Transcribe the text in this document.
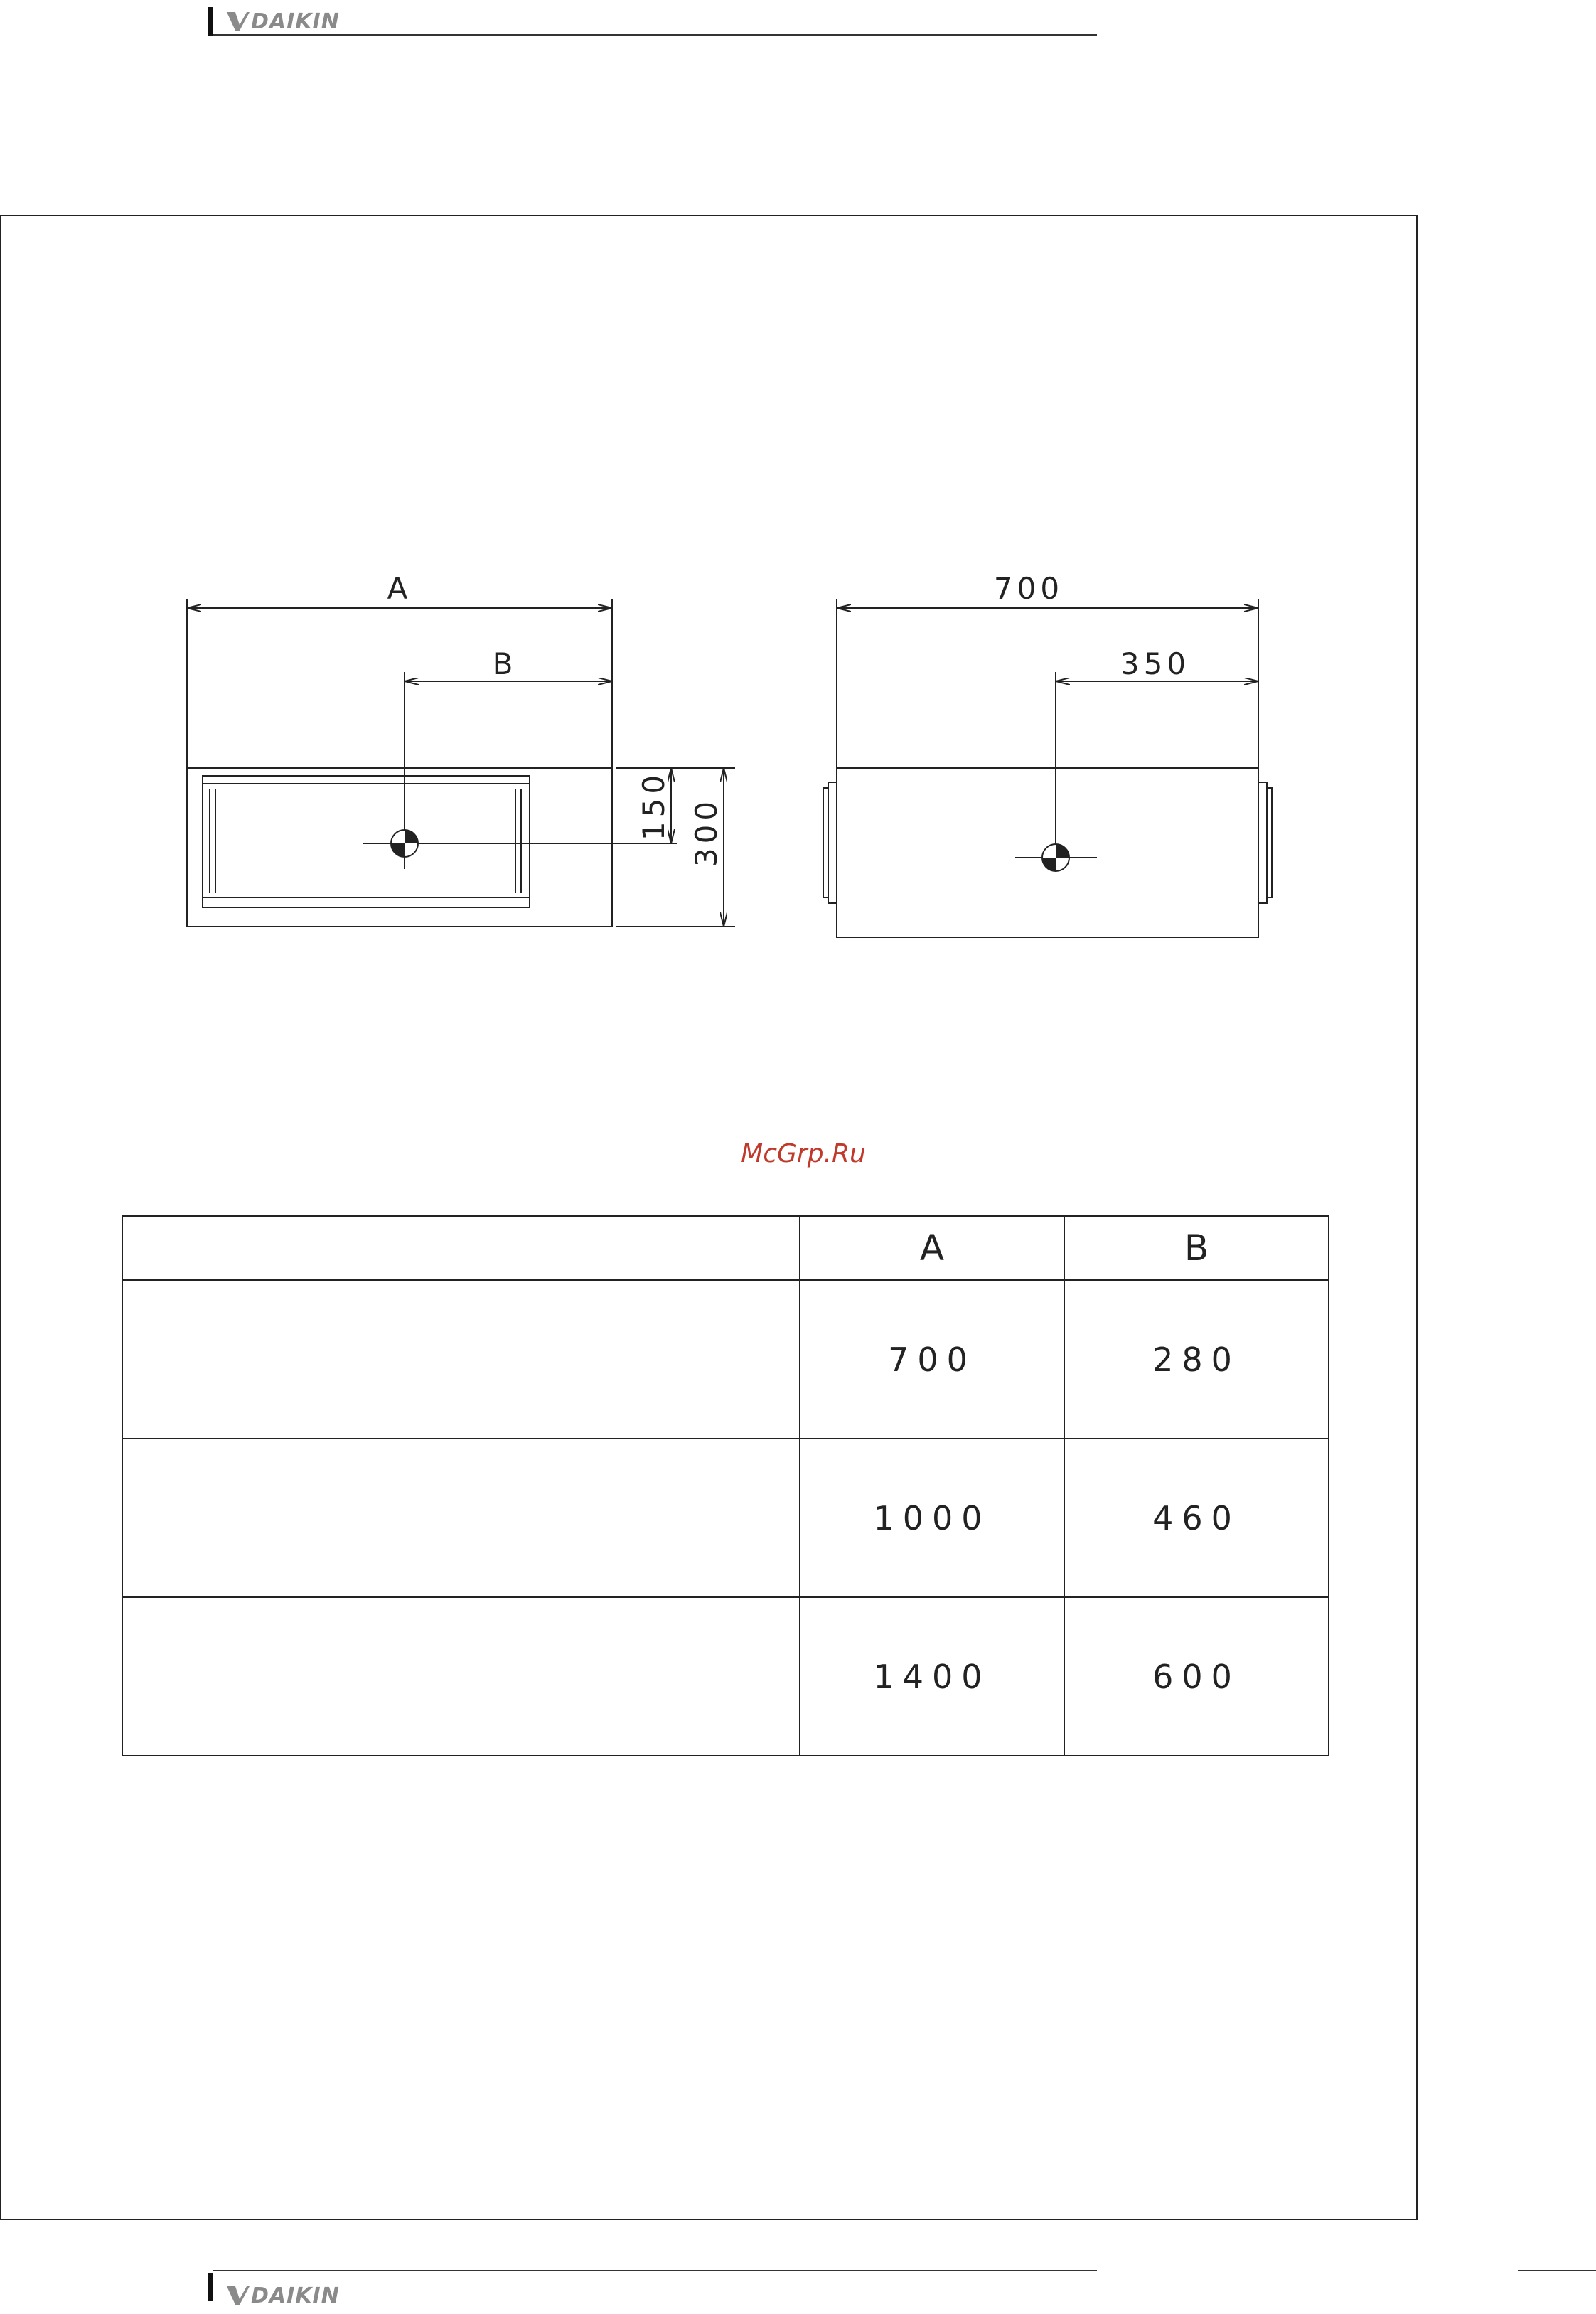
DAIKIN
A
B
150 300
700
350
McGrp.Ru
	A	B
	700	280
	1000	460
	1400	600
DAIKIN
